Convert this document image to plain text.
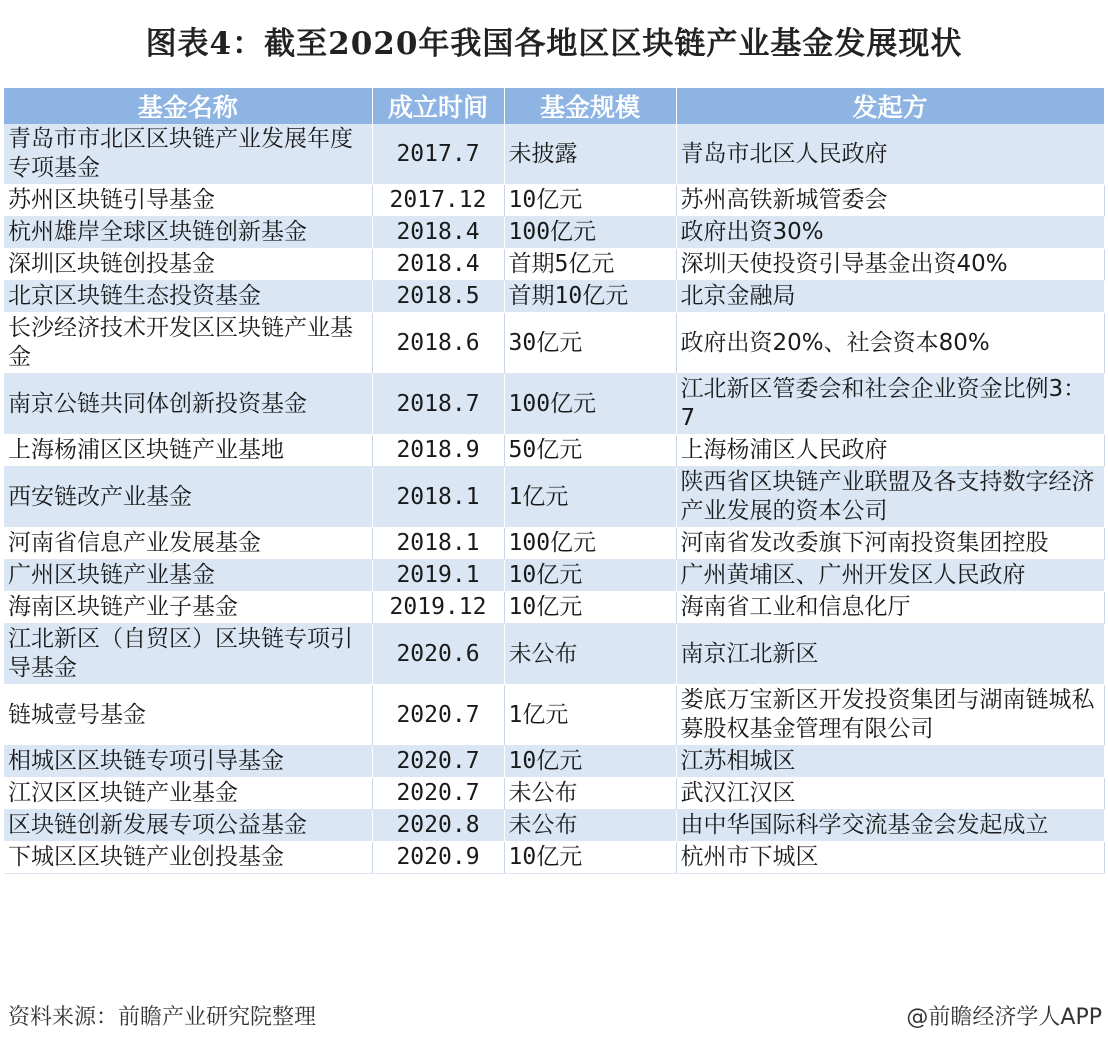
图表4：截至2020年我国各地区区块链产业基金发展现状
基金名称	成立时间	基金规模	发起方
青岛市市北区区块链产业发展年度专项基金	2017.7	未披露	青岛市北区人民政府
苏州区块链引导基金	2017.12	10亿元	苏州高铁新城管委会
杭州雄岸全球区块链创新基金	2018.4	100亿元	政府出资30%
深圳区块链创投基金	2018.4	首期5亿元	深圳天使投资引导基金出资40%
北京区块链生态投资基金	2018.5	首期10亿元	北京金融局
长沙经济技术开发区区块链产业基金	2018.6	30亿元	政府出资20%、社会资本80%
南京公链共同体创新投资基金	2018.7	100亿元	江北新区管委会和社会企业资金比例3：7
上海杨浦区区块链产业基地	2018.9	50亿元	上海杨浦区人民政府
西安链改产业基金	2018.1	1亿元	陕西省区块链产业联盟及各支持数字经济产业发展的资本公司
河南省信息产业发展基金	2018.1	100亿元	河南省发改委旗下河南投资集团控股
广州区块链产业基金	2019.1	10亿元	广州黄埔区、广州开发区人民政府
海南区块链产业子基金	2019.12	10亿元	海南省工业和信息化厅
江北新区（自贸区）区块链专项引导基金	2020.6	未公布	南京江北新区
链城壹号基金	2020.7	1亿元	娄底万宝新区开发投资集团与湖南链城私募股权基金管理有限公司
相城区区块链专项引导基金	2020.7	10亿元	江苏相城区
江汉区区块链产业基金	2020.7	未公布	武汉江汉区
区块链创新发展专项公益基金	2020.8	未公布	由中华国际科学交流基金会发起成立
下城区区块链产业创投基金	2020.9	10亿元	杭州市下城区
资料来源：前瞻产业研究院整理	@前瞻经济学人APP
